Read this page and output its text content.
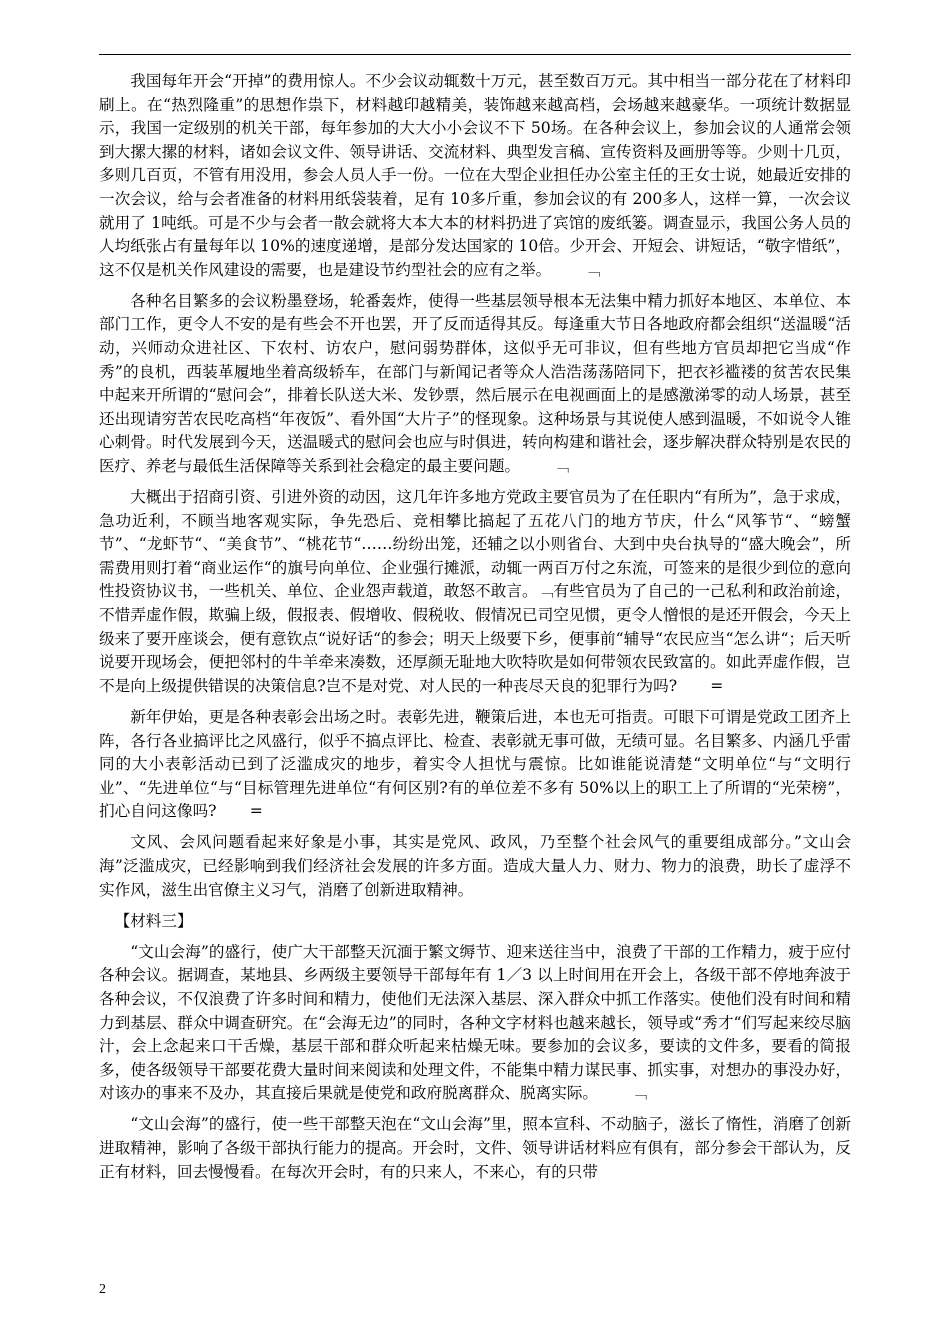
我国每年开会“开掉”的费用惊人。不少会议动辄数十万元，甚至数百万元。其中相当一部分花在了材料印刷上。在“热烈隆重”的思想作祟下，材料越印越精美，装饰越来越高档，会场越来越豪华。一项统计数据显示，我国一定级别的机关干部，每年参加的大大小小会议不下 50场。在各种会议上，参加会议的人通常会领到大摞大摞的材料，诸如会议文件、领导讲话、交流材料、典型发言稿、宣传资料及画册等等。少则十几页，多则几百页，不管有用没用，参会人员人手一份。一位在大型企业担任办公室主任的王女士说，她最近安排的一次会议，给与会者准备的材料用纸袋装着，足有 10多斤重，参加会议的有 200多人，这样一算，一次会议就用了 1吨纸。可是不少与会者一散会就将大本大本的材料扔进了宾馆的废纸篓。调查显示，我国公务人员的人均纸张占有量每年以 10%的速度递增，是部分发达国家的 10倍。少开会、开短会、讲短话，“敬字惜纸”，这不仅是机关作风建设的需要，也是建设节约型社会的应有之举。 ﹁

各种名目繁多的会议粉墨登场，轮番轰炸，使得一些基层领导根本无法集中精力抓好本地区、本单位、本部门工作，更令人不安的是有些会不开也罢，开了反而适得其反。每逢重大节日各地政府都会组织“送温暖“活动，兴师动众进社区、下农村、访农户，慰问弱势群体，这似乎无可非议，但有些地方官员却把它当成“作秀”的良机，西装革履地坐着高级轿车，在部门与新闻记者等众人浩浩荡荡陪同下，把衣衫褴褛的贫苦农民集中起来开所谓的“慰问会”，排着长队送大米、发钞票，然后展示在电视画面上的是感激涕零的动人场景，甚至还出现请穷苦农民吃高档“年夜饭”、看外国“大片子”的怪现象。这种场景与其说使人感到温暖，不如说令人锥心刺骨。时代发展到今天，送温暖式的慰问会也应与时俱进，转向构建和谐社会，逐步解决群众特别是农民的医疗、养老与最低生活保障等关系到社会稳定的最主要问题。 ﹁

大概出于招商引资、引进外资的动因，这几年许多地方党政主要官员为了在任职内“有所为”，急于求成，急功近利，不顾当地客观实际，争先恐后、竞相攀比搞起了五花八门的地方节庆，什么“风筝节“、“螃蟹节”、“龙虾节“、“美食节”、“桃花节“……纷纷出笼，还辅之以小则省台、大到中央台执导的“盛大晚会”，所需费用则打着“商业运作“的旗号向单位、企业强行摊派，动辄一两百万付之东流，可签来的是很少到位的意向性投资协议书，一些机关、单位、企业怨声载道，敢怒不敢言。﹁有些官员为了自己的一己私利和政治前途，不惜弄虚作假，欺骗上级，假报表、假增收、假税收、假情况已司空见惯，更令人憎恨的是还开假会，今天上级来了要开座谈会，便有意钦点“说好话“的参会；明天上级要下乡，便事前“辅导“农民应当“怎么讲“；后天听说要开现场会，便把邻村的牛羊牵来凑数，还厚颜无耻地大吹特吹是如何带领农民致富的。如此弄虚作假，岂不是向上级提供错误的决策信息?岂不是对党、对人民的一种丧尽天良的犯罪行为吗? =

新年伊始，更是各种表彰会出场之时。表彰先进，鞭策后进，本也无可指责。可眼下可谓是党政工团齐上阵，各行各业搞评比之风盛行，似乎不搞点评比、检查、表彰就无事可做，无绩可显。名目繁多、内涵几乎雷同的大小表彰活动已到了泛滥成灾的地步，着实令人担忧与震惊。比如谁能说清楚“文明单位“与“文明行业”、“先进单位“与“目标管理先进单位“有何区别?有的单位差不多有 50%以上的职工上了所谓的“光荣榜”，扪心自问这像吗? =

文风、会风问题看起来好象是小事，其实是党风、政风，乃至整个社会风气的重要组成部分。”文山会海”泛滥成灾，已经影响到我们经济社会发展的许多方面。造成大量人力、财力、物力的浪费，助长了虚浮不实作风，滋生出官僚主义习气，消磨了创新进取精神。

【材料三】

“文山会海”的盛行，使广大干部整天沉湎于繁文缛节、迎来送往当中，浪费了干部的工作精力，疲于应付各种会议。据调查，某地县、乡两级主要领导干部每年有 1／3 以上时间用在开会上，各级干部不停地奔波于各种会议，不仅浪费了许多时间和精力，使他们无法深入基层、深入群众中抓工作落实。使他们没有时间和精力到基层、群众中调查研究。在“会海无边”的同时，各种文字材料也越来越长，领导或“秀才“们写起来绞尽脑汁，会上念起来口干舌燥，基层干部和群众听起来枯燥无味。要参加的会议多，要读的文件多，要看的简报多，使各级领导干部要花费大量时间来阅读和处理文件，不能集中精力谋民事、抓实事，对想办的事没办好，对该办的事来不及办，其直接后果就是使党和政府脱离群众、脱离实际。 ﹁

“文山会海”的盛行，使一些干部整天泡在“文山会海”里，照本宣科、不动脑子，滋长了惰性，消磨了创新进取精神，影响了各级干部执行能力的提高。开会时，文件、领导讲话材料应有俱有，部分参会干部认为，反正有材料，回去慢慢看。在每次开会时，有的只来人，不来心，有的只带

2
